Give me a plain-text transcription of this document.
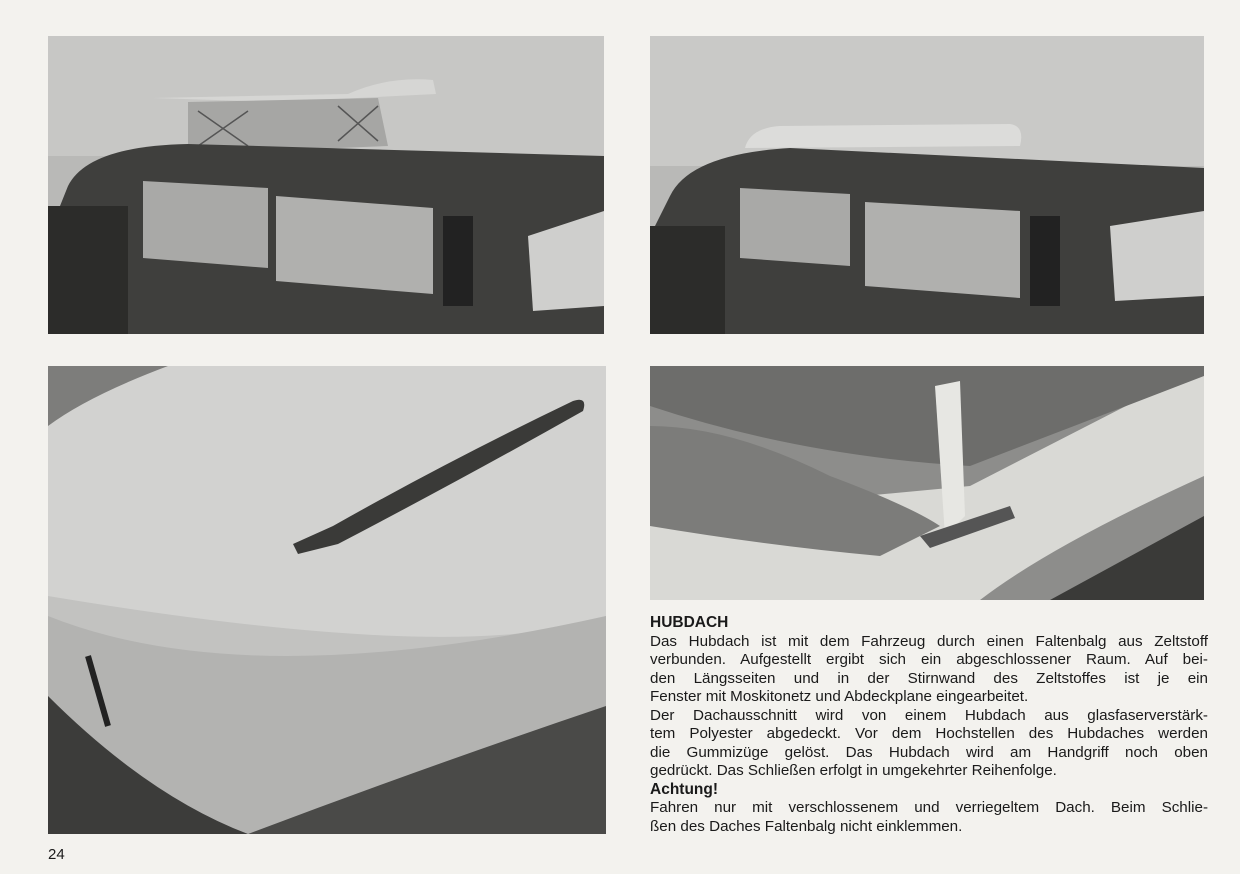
HUBDACH
Das Hubdach ist mit dem Fahrzeug durch einen Faltenbalg aus Zeltstoff
verbunden. Aufgestellt ergibt sich ein abgeschlossener Raum. Auf bei-
den Längsseiten und in der Stirnwand des Zeltstoffes ist je ein
Fenster mit Moskitonetz und Abdeckplane eingearbeitet.
Der Dachausschnitt wird von einem Hubdach aus glasfaserverstärk-
tem Polyester abgedeckt. Vor dem Hochstellen des Hubdaches werden
die Gummizüge gelöst. Das Hubdach wird am Handgriff noch oben
gedrückt. Das Schließen erfolgt in umgekehrter Reihenfolge.
Achtung!
Fahren nur mit verschlossenem und verriegeltem Dach. Beim Schlie-
ßen des Daches Faltenbalg nicht einklemmen.
24
